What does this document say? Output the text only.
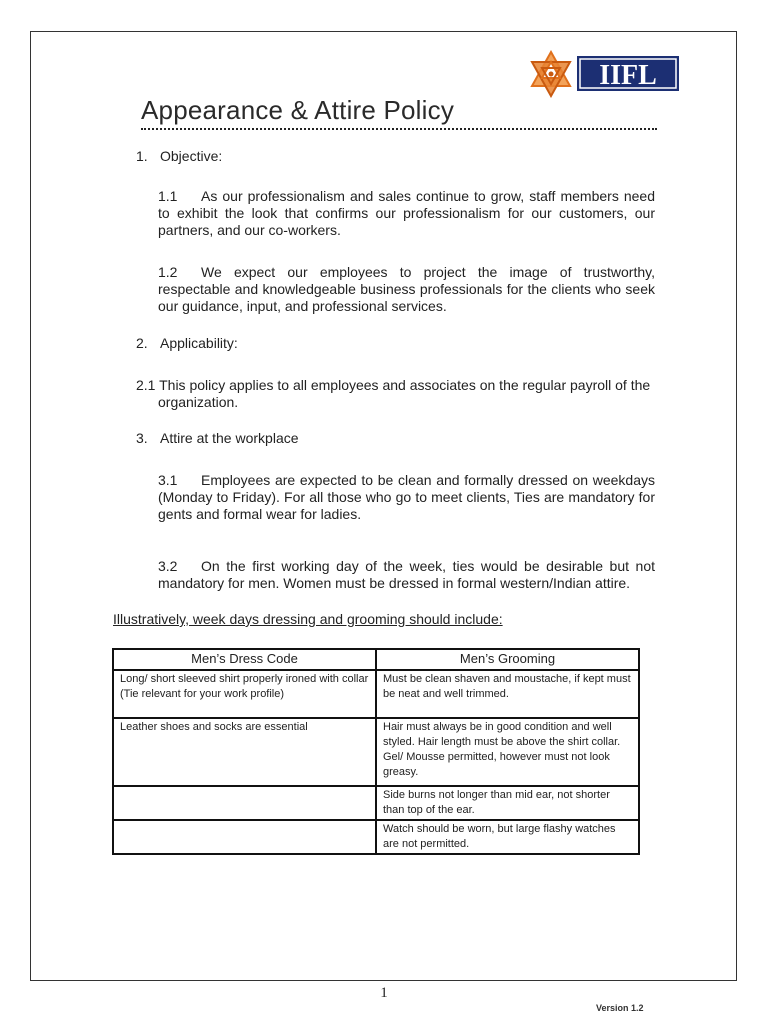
IIFL
Appearance & Attire Policy
1. Objective:
1.1 As our professionalism and sales continue to grow, staff members need to exhibit the look that confirms our professionalism for our customers, our partners, and our co-workers.
1.2 We expect our employees to project the image of trustworthy, respectable and knowledgeable business professionals for the clients who seek our guidance, input, and professional services.
2. Applicability:
2.1 This policy applies to all employees and associates on the regular payroll of the organization.
3. Attire at the workplace
3.1 Employees are expected to be clean and formally dressed on weekdays (Monday to Friday). For all those who go to meet clients, Ties are mandatory for gents and formal wear for ladies.
3.2 On the first working day of the week, ties would be desirable but not mandatory for men. Women must be dressed in formal western/Indian attire.
Illustratively, week days dressing and grooming should include:
Men’s Dress Code	Men’s Grooming
Long/ short sleeved shirt properly ironed with collar (Tie relevant for your work profile)	Must be clean shaven and moustache, if kept must be neat and well trimmed.
Leather shoes and socks are essential	Hair must always be in good condition and well styled. Hair length must be above the shirt collar. Gel/ Mousse permitted, however must not look greasy.
	Side burns not longer than mid ear, not shorter than top of the ear.
	Watch should be worn, but large flashy watches are not permitted.
1
Version 1.2
